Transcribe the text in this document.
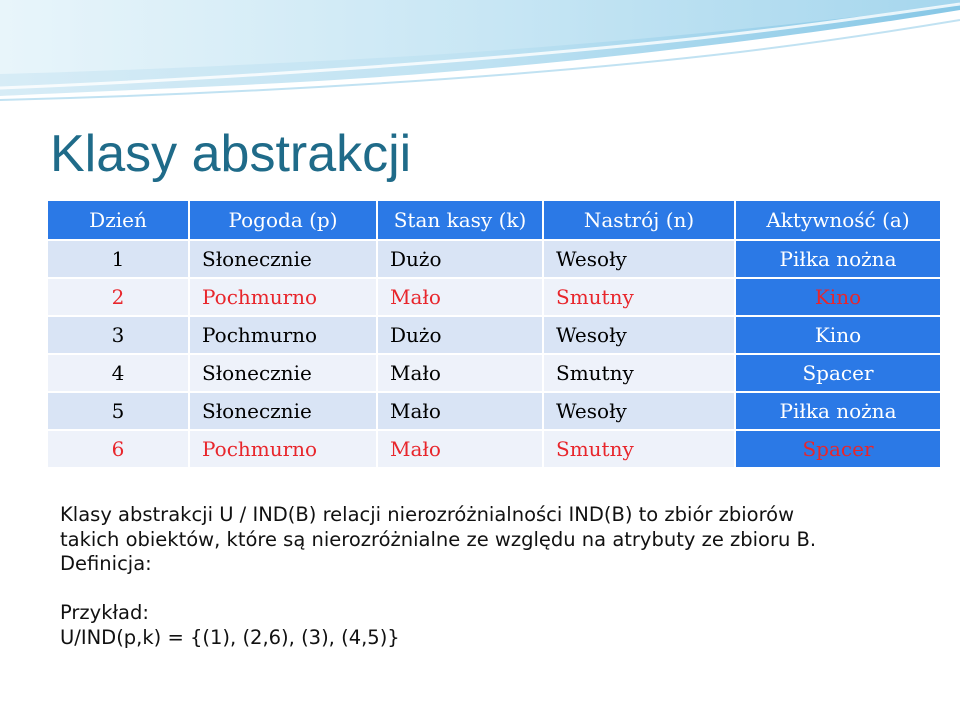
Klasy abstrakcji
Dzień	Pogoda (p)	Stan kasy (k)	Nastrój (n)	Aktywność (a)
1	Słonecznie	Dużo	Wesoły	Piłka nożna
2	Pochmurno	Mało	Smutny	Kino
3	Pochmurno	Dużo	Wesoły	Kino
4	Słonecznie	Mało	Smutny	Spacer
5	Słonecznie	Mało	Wesoły	Piłka nożna
6	Pochmurno	Mało	Smutny	Spacer

Klasy abstrakcji U / IND(B) relacji nierozróżnialności IND(B) to zbiór zbiorów

takich obiektów, które są nierozróżnialne ze względu na atrybuty ze zbioru B.

Definicja:

Przykład:

U/IND(p,k) = {(1), (2,6), (3), (4,5)}
